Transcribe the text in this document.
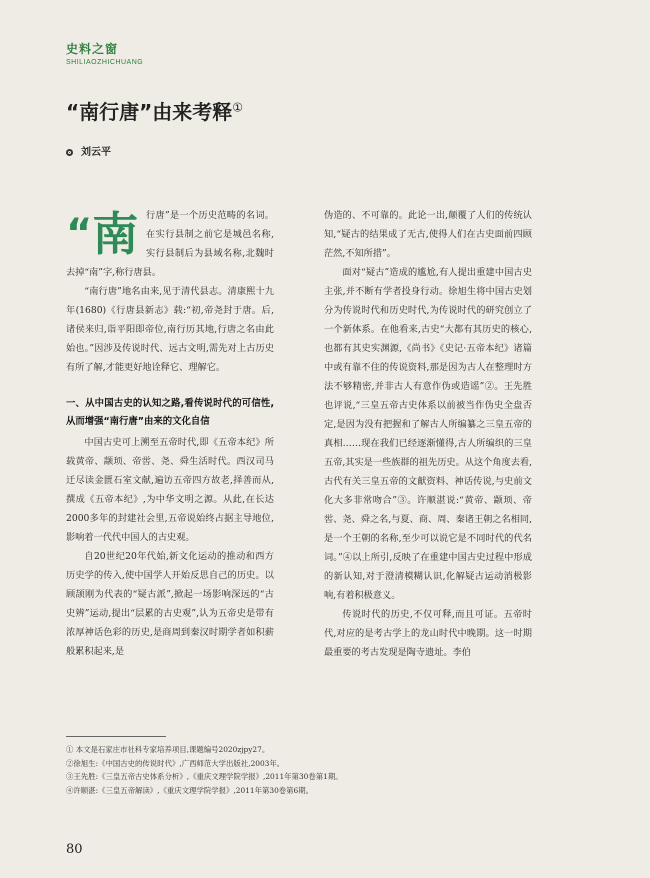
史料之窗
SHILIAOZHICHUANG
“南行唐”由来考释①
刘云平
“南	行唐”是一个历史范畴的名词。在实行县制之前它是城邑名称,实行县制后为县域名称,北魏时去掉“南”字,称行唐县。

“南行唐”地名由来,见于清代县志。清康熙十九年(1680)《行唐县新志》载:“初,帝尧封于唐。后,诸侯来归,诣平阳即帝位,南行历其地,行唐之名由此始也。”因涉及传说时代、远古文明,需先对上古历史有所了解,才能更好地诠释它、理解它。

一、从中国古史的认知之路,看传说时代的可信性,从而增强“南行唐”由来的文化自信

中国古史可上溯至五帝时代,即《五帝本纪》所载黄帝、颛顼、帝喾、尧、舜生活时代。西汉司马迁尽读金匮石室文献,遍访五帝四方故老,择善而从,撰成《五帝本纪》,为中华文明之源。从此,在长达2000多年的封建社会里,五帝说始终占据主导地位,影响着一代代中国人的古史观。

自20世纪20年代始,新文化运动的推动和西方历史学的传入,使中国学人开始反思自己的历史。以顾颉刚为代表的“疑古派”,掀起一场影响深远的“古史辨”运动,提出“层累的古史观”,认为五帝史是带有浓厚神话色彩的历史,是商周到秦汉时期学者如积薪般累积起来,是

伪造的、不可靠的。此论一出,颠覆了人们的传统认知,“疑古的结果成了无古,使得人们在古史面前四顾茫然,不知所措”。

面对“疑古”造成的尴尬,有人提出重建中国古史主张,并不断有学者投身行动。徐旭生将中国古史划分为传说时代和历史时代,为传说时代的研究创立了一个新体系。在他看来,古史“大都有其历史的核心,也都有其史实渊源,《尚书》《史记·五帝本纪》诸篇中或有靠不住的传说资料,那是因为古人在整理时方法不够精密,并非古人有意作伪或造谣”②。王先胜也评说,“三皇五帝古史体系以前被当作伪史全盘否定,是因为没有把握和了解古人所编纂之三皇五帝的真相……现在我们已经逐渐懂得,古人所编织的三皇五帝,其实是一些族群的祖先历史。从这个角度去看,古代有关三皇五帝的文献资料、神话传说,与史前文化大多非常吻合”③。许顺湛说:“黄帝、颛顼、帝喾、尧、舜之名,与夏、商、周、秦诸王朝之名相同,是一个王朝的名称,至少可以说它是不同时代的代名词。”④以上所引,反映了在重建中国古史过程中形成的新认知,对于澄清模糊认识,化解疑古运动消极影响,有着积极意义。

传说时代的历史,不仅可释,而且可证。五帝时代,对应的是考古学上的龙山时代中晚期。这一时期最重要的考古发现是陶寺遗址。李伯

① 本文是石家庄市社科专家培养项目,课题编号2020zjpy27。
②徐旭生:《中国古史的传说时代》,广西师范大学出版社,2003年。
③王先胜:《三皇五帝古史体系分析》,《重庆文理学院学报》,2011年第30卷第1期。
④许顺湛:《三皇五帝解读》,《重庆文理学院学报》,2011年第30卷第6期。
80
